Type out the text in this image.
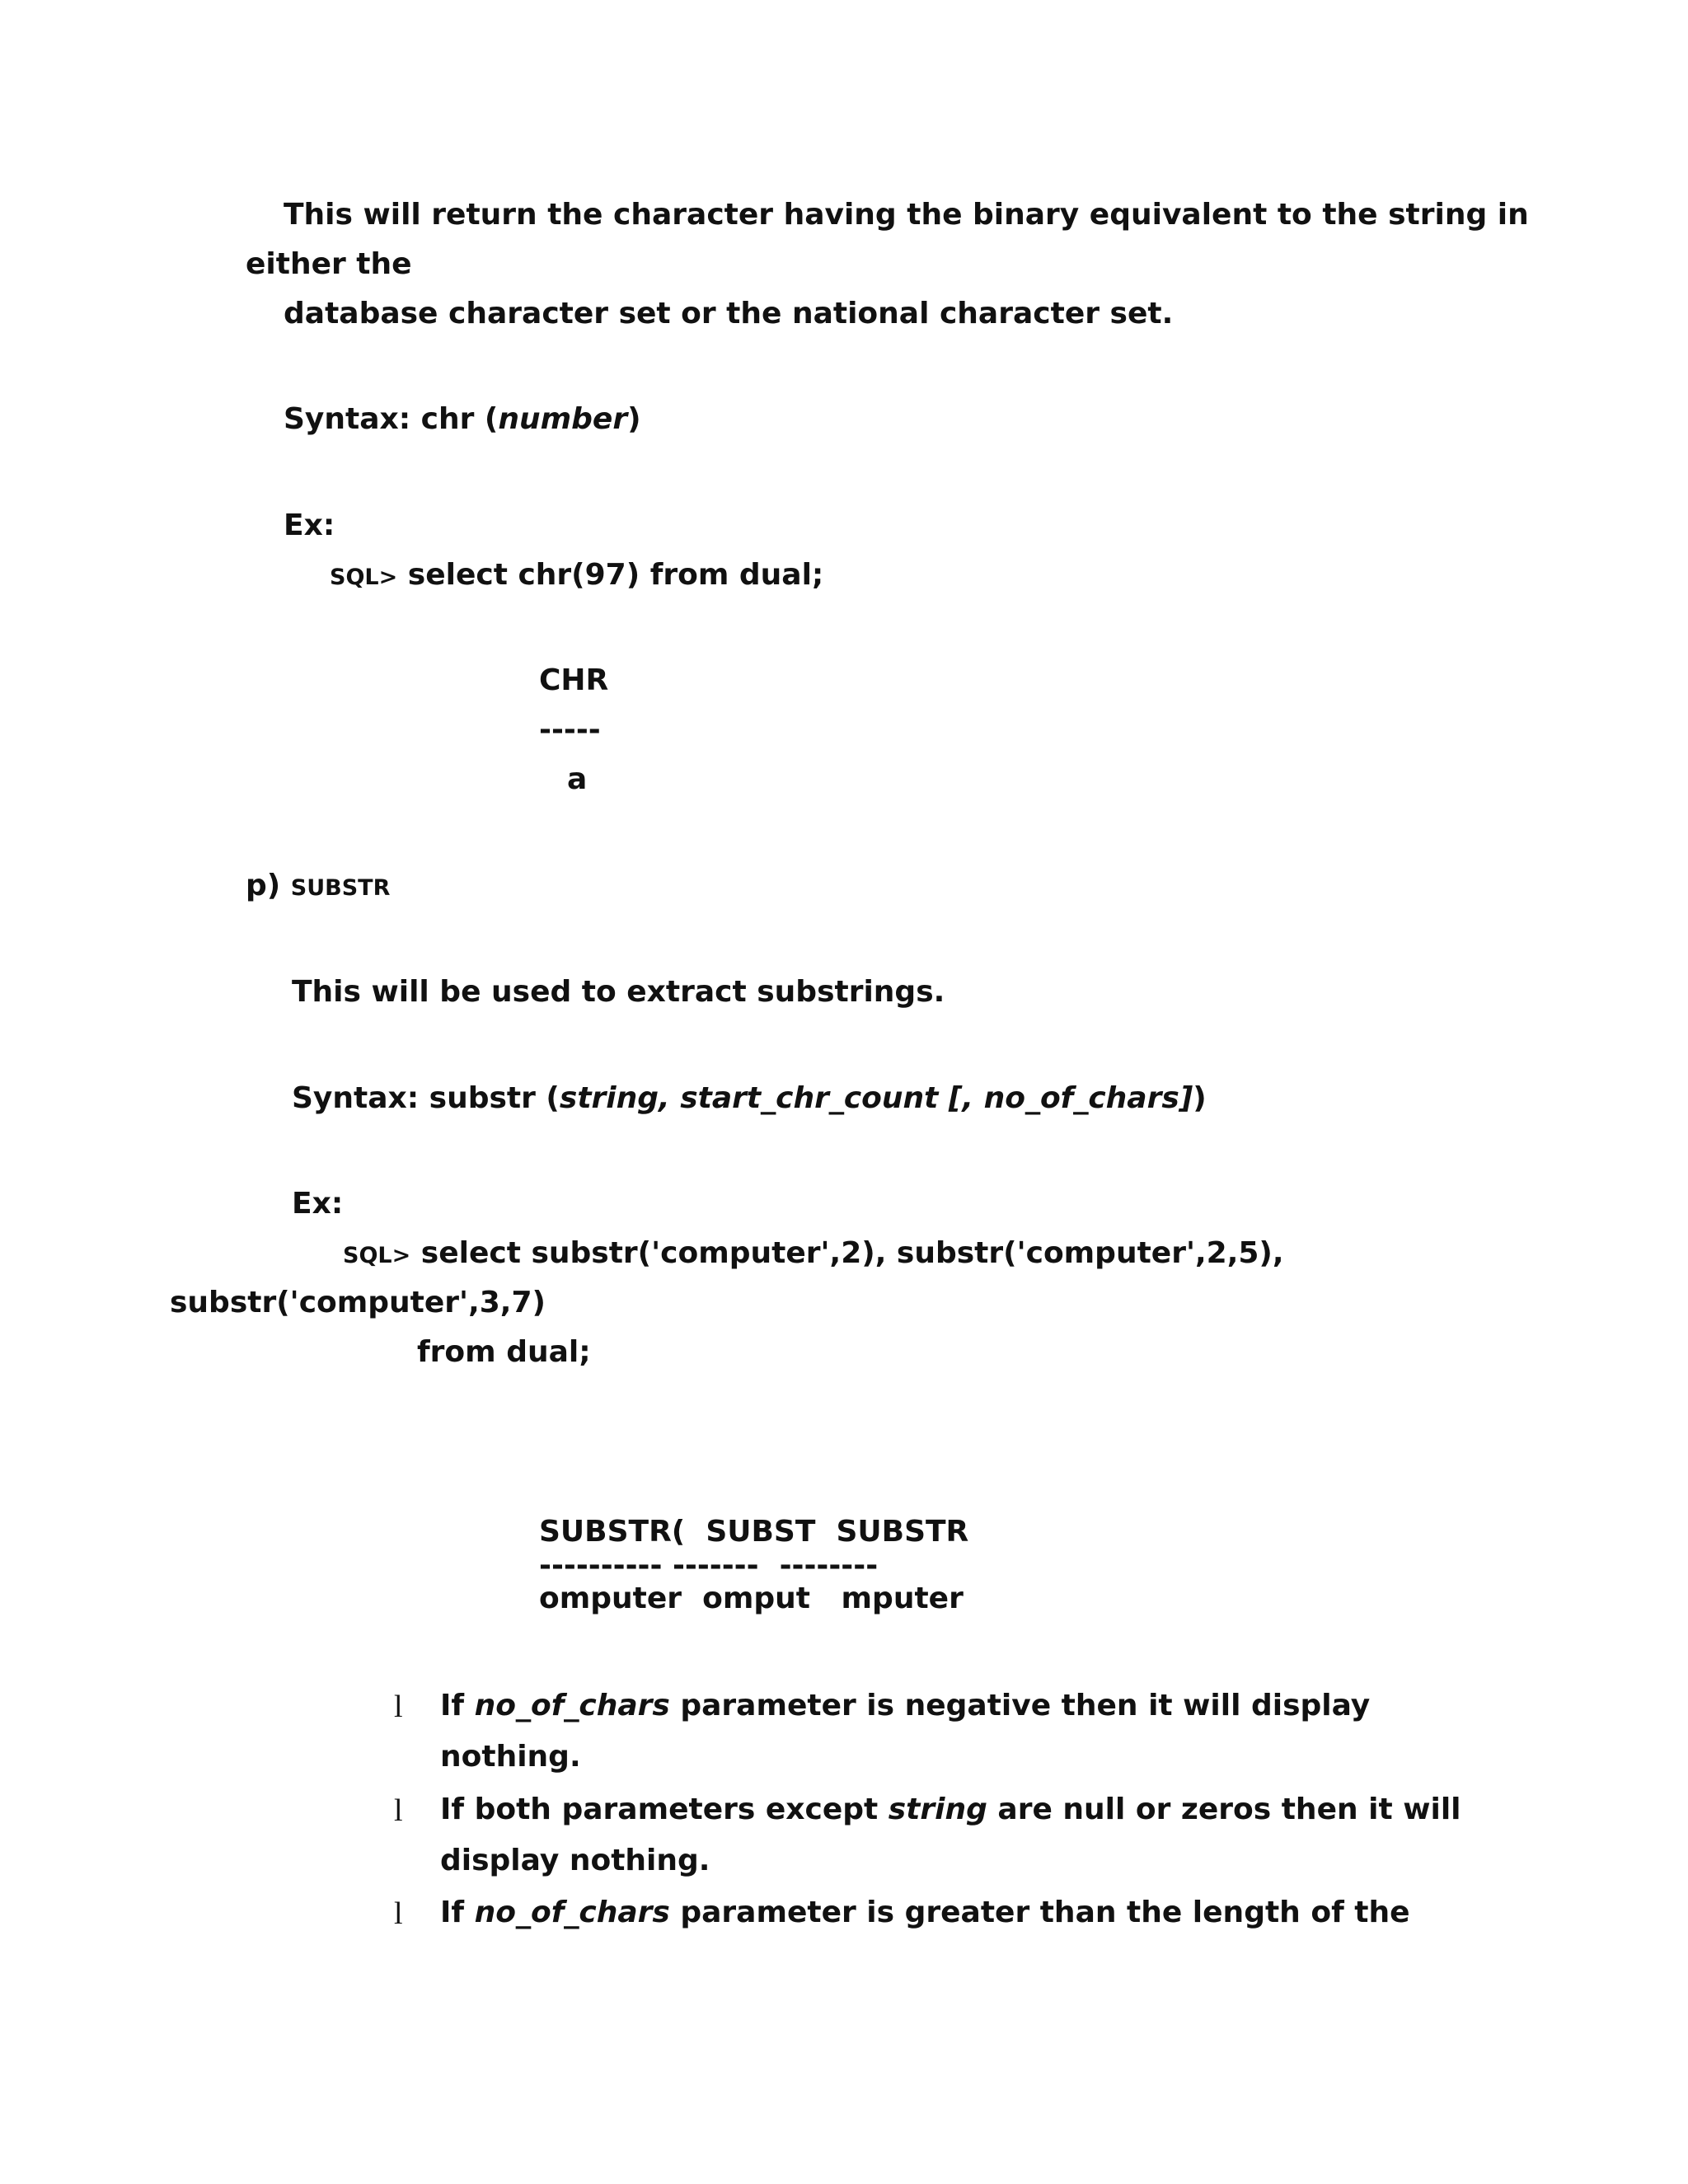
This will return the character having the binary equivalent to the string in

either the

database character set or the national character set.

Syntax: chr (number)

Ex:

SQL> select chr(97) from dual;

CHR

-----

a

p) SUBSTR

This will be used to extract substrings.

Syntax: substr (string, start_chr_count [, no_of_chars])

Ex:

SQL> select substr('computer',2), substr('computer',2,5),

substr('computer',3,7)

from dual;

SUBSTR(  SUBST  SUBSTR

---------- -------  --------

omputer  omput   mputer

l If no_of_chars parameter is negative then it will display

nothing.

l If both parameters except string are null or zeros then it will

display nothing.

l If no_of_chars parameter is greater than the length of the
